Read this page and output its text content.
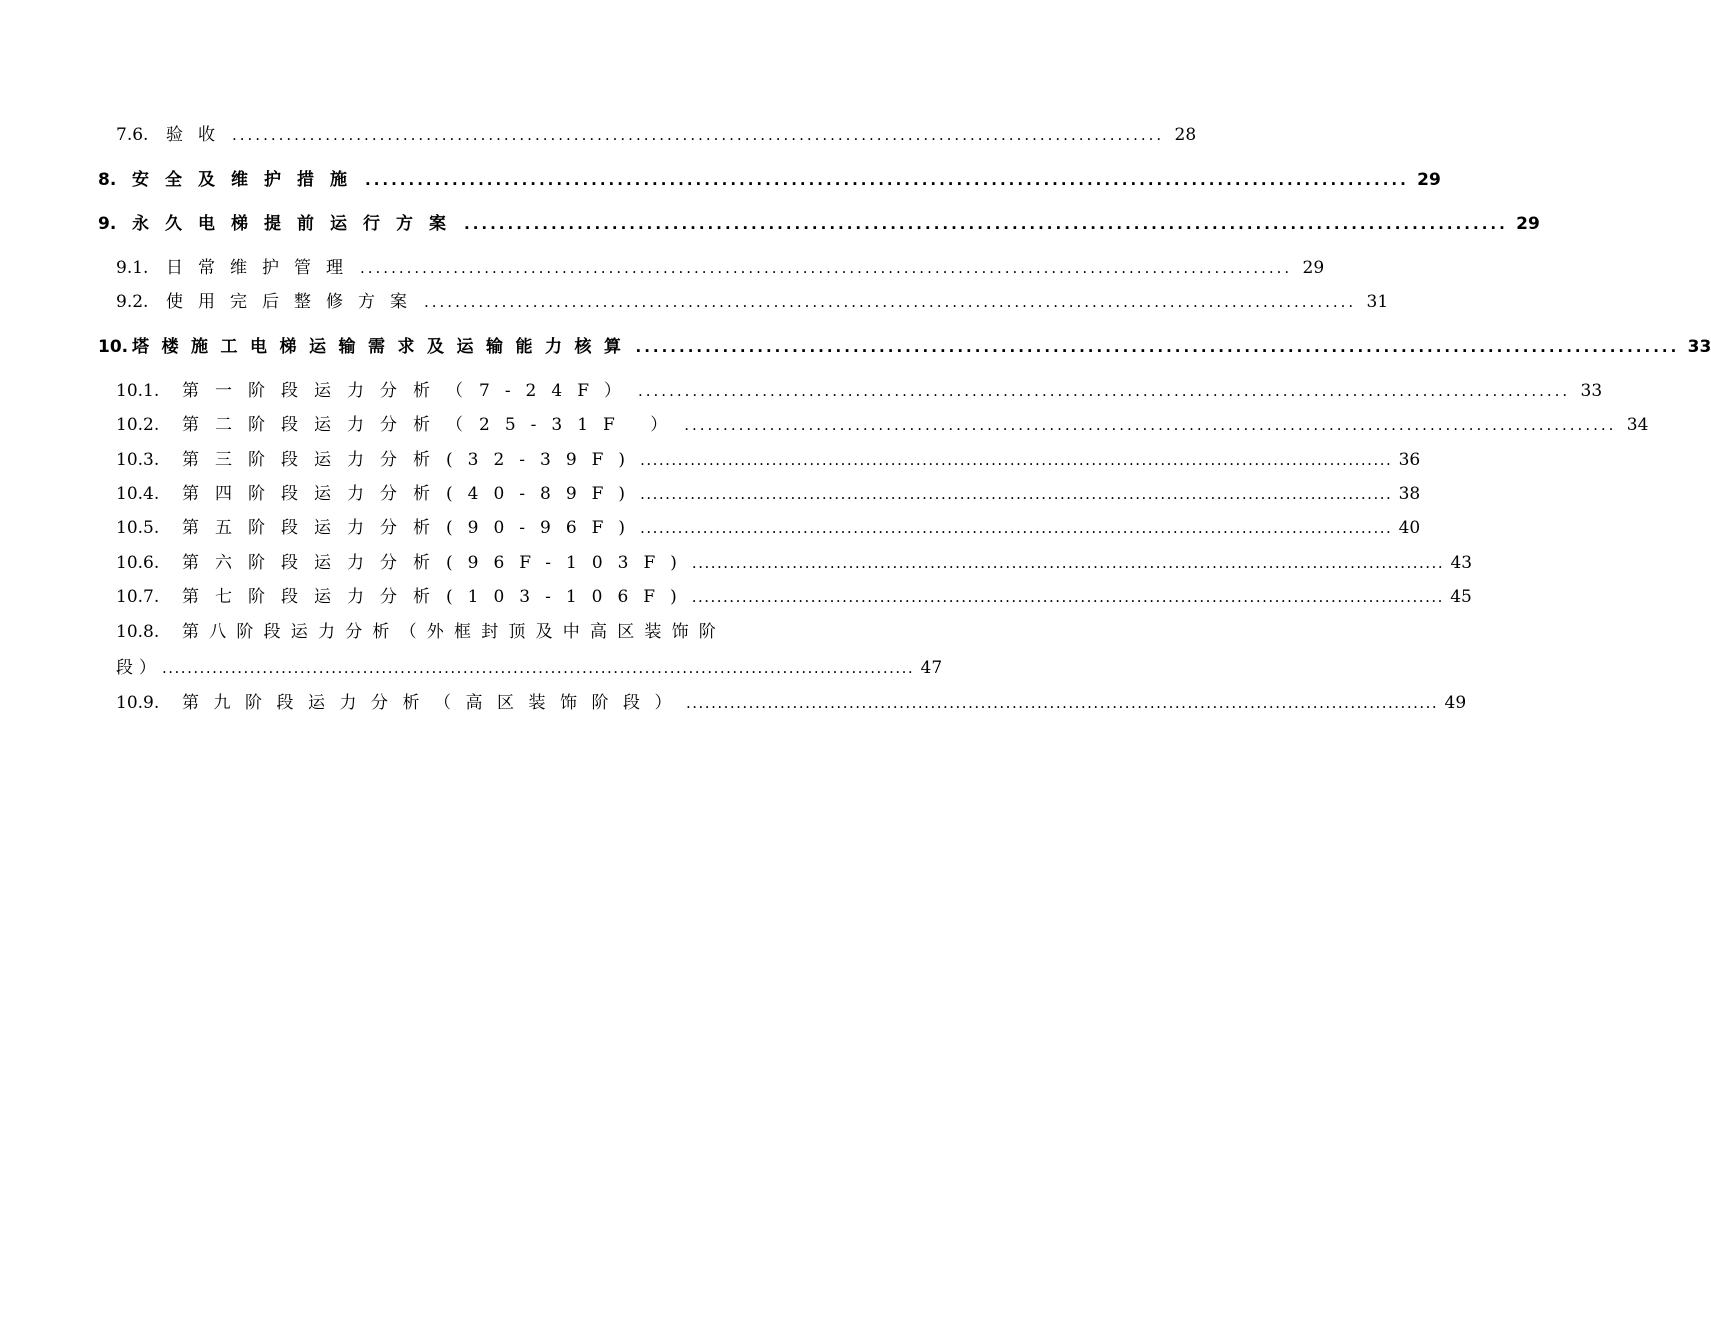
7.6.	验收 ........................................................................................................................ 28
8. 安全及维护措施 ........................................................................................................................ 29
9. 永久电梯提前运行方案 ........................................................................................................................ 29
9.1.	日常维护管理 ........................................................................................................................ 29
9.2.	使用完后整修方案 ........................................................................................................................ 31
10. 塔楼施工电梯运输需求及运输能力核算 ........................................................................................................................ 33
10.1.	第一阶段运力分析（ 7-24F） ........................................................................................................................ 33
10.2.	第二阶段运力分析（ 25-31F ） ........................................................................................................................ 34
10.3.	第三阶段运力分析 (32-39F) ........................................................................................................................ 36
10.4.	第四阶段运力分析 (40-89F) ........................................................................................................................ 38
10.5.	第五阶段运力分析 (90-96F) ........................................................................................................................ 40
10.6.	第六阶段运力分析 (96F-103F) ........................................................................................................................ 43
10.7.	第七阶段运力分析 (103-106F) ........................................................................................................................ 45
10.8.	第八阶段运力分析（外框封顶及中高区装饰阶
段） ........................................................................................................................ 47
10.9.	第九阶段运力分析（高区装饰阶段） ........................................................................................................................ 49
